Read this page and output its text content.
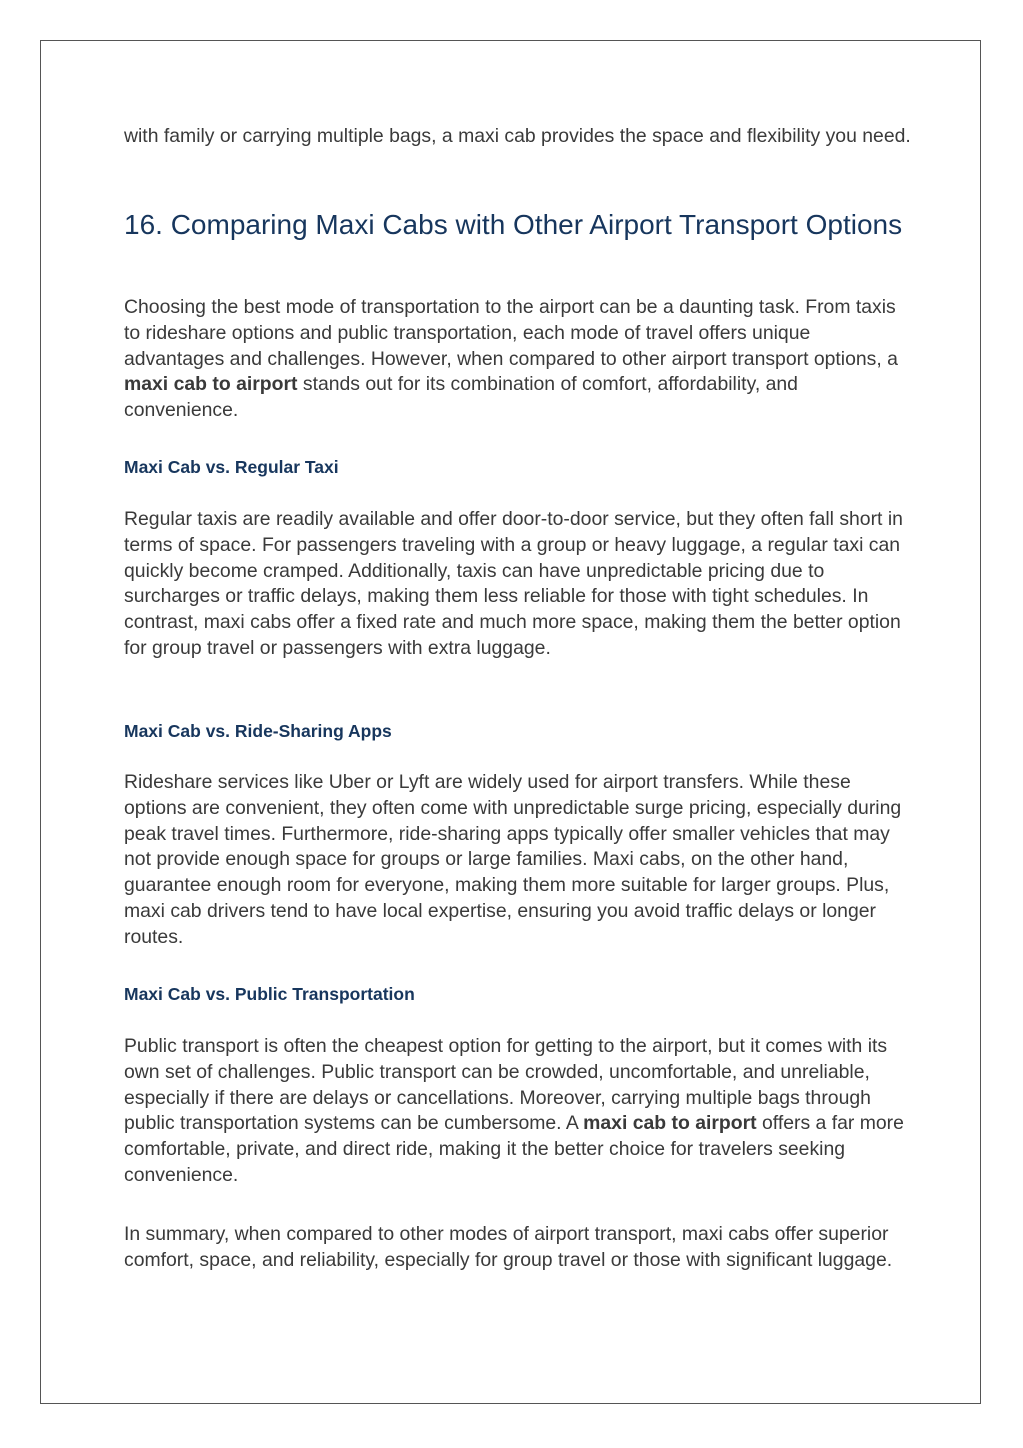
with family or carrying multiple bags, a maxi cab provides the space and flexibility you need.

16. Comparing Maxi Cabs with Other Airport Transport Options

Choosing the best mode of transportation to the airport can be a daunting task. From taxis to rideshare options and public transportation, each mode of travel offers unique advantages and challenges. However, when compared to other airport transport options, a maxi cab to airport stands out for its combination of comfort, affordability, and convenience.

Maxi Cab vs. Regular Taxi

Regular taxis are readily available and offer door-to-door service, but they often fall short in terms of space. For passengers traveling with a group or heavy luggage, a regular taxi can quickly become cramped. Additionally, taxis can have unpredictable pricing due to surcharges or traffic delays, making them less reliable for those with tight schedules. In contrast, maxi cabs offer a fixed rate and much more space, making them the better option for group travel or passengers with extra luggage.

Maxi Cab vs. Ride-Sharing Apps

Rideshare services like Uber or Lyft are widely used for airport transfers. While these options are convenient, they often come with unpredictable surge pricing, especially during peak travel times. Furthermore, ride-sharing apps typically offer smaller vehicles that may not provide enough space for groups or large families. Maxi cabs, on the other hand, guarantee enough room for everyone, making them more suitable for larger groups. Plus, maxi cab drivers tend to have local expertise, ensuring you avoid traffic delays or longer routes.

Maxi Cab vs. Public Transportation

Public transport is often the cheapest option for getting to the airport, but it comes with its own set of challenges. Public transport can be crowded, uncomfortable, and unreliable, especially if there are delays or cancellations. Moreover, carrying multiple bags through public transportation systems can be cumbersome. A maxi cab to airport offers a far more comfortable, private, and direct ride, making it the better choice for travelers seeking convenience.

In summary, when compared to other modes of airport transport, maxi cabs offer superior comfort, space, and reliability, especially for group travel or those with significant luggage.
